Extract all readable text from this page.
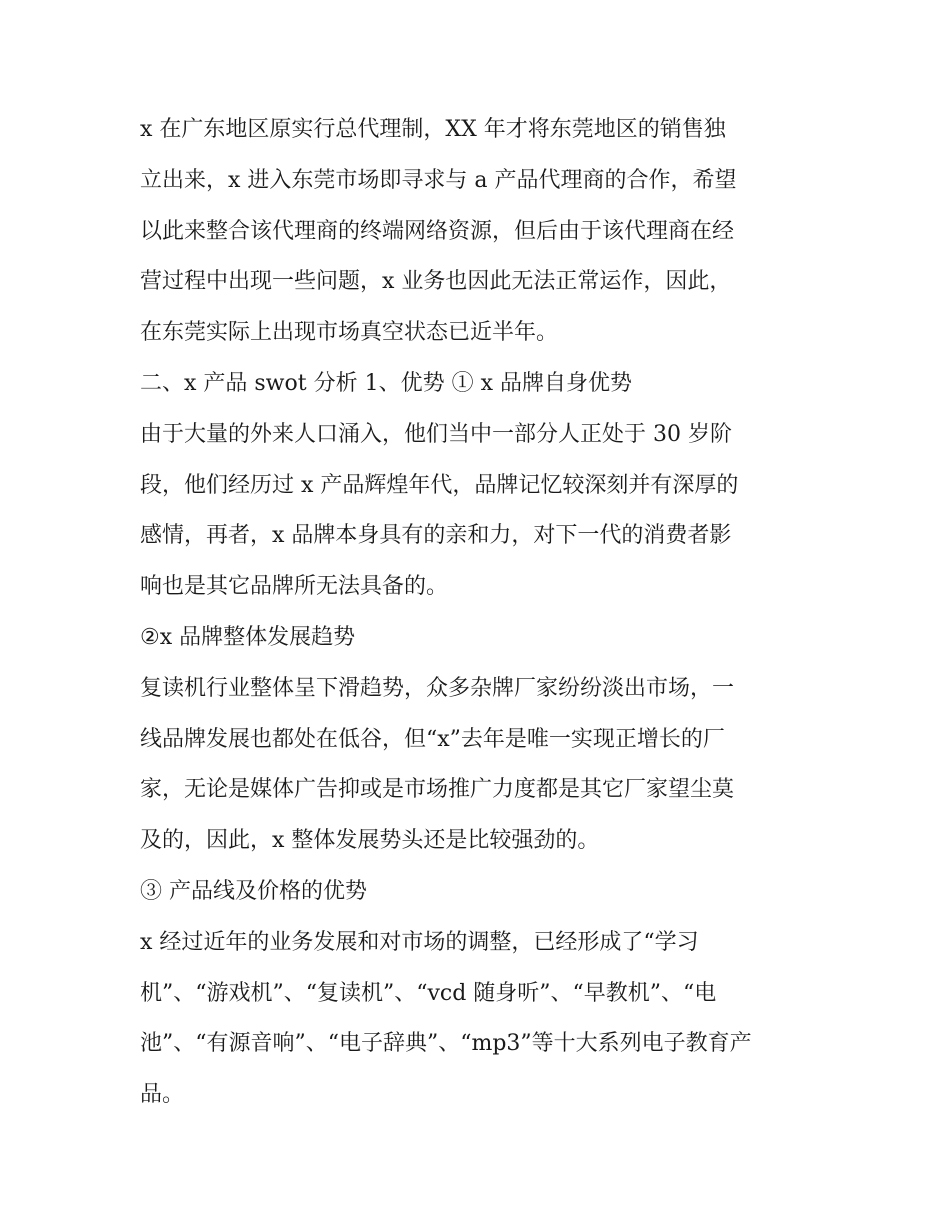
x 在广东地区原实行总代理制，XX 年才将东莞地区的销售独
立出来，x 进入东莞市场即寻求与 a 产品代理商的合作，希望
以此来整合该代理商的终端网络资源，但后由于该代理商在经
营过程中出现一些问题，x 业务也因此无法正常运作，因此，
在东莞实际上出现市场真空状态已近半年。
二、x 产品 swot 分析 1、优势 ① x 品牌自身优势
由于大量的外来人口涌入，他们当中一部分人正处于 30 岁阶
段，他们经历过 x 产品辉煌年代，品牌记忆较深刻并有深厚的
感情，再者，x 品牌本身具有的亲和力，对下一代的消费者影
响也是其它品牌所无法具备的。
②x 品牌整体发展趋势
复读机行业整体呈下滑趋势，众多杂牌厂家纷纷淡出市场，一
线品牌发展也都处在低谷，但“x”去年是唯一实现正增长的厂
家，无论是媒体广告抑或是市场推广力度都是其它厂家望尘莫
及的，因此，x 整体发展势头还是比较强劲的。
③ 产品线及价格的优势
x 经过近年的业务发展和对市场的调整，已经形成了“学习
机”、“游戏机”、“复读机”、“vcd 随身听”、“早教机”、“电
池”、“有源音响”、“电子辞典”、“mp3”等十大系列电子教育产
品。
